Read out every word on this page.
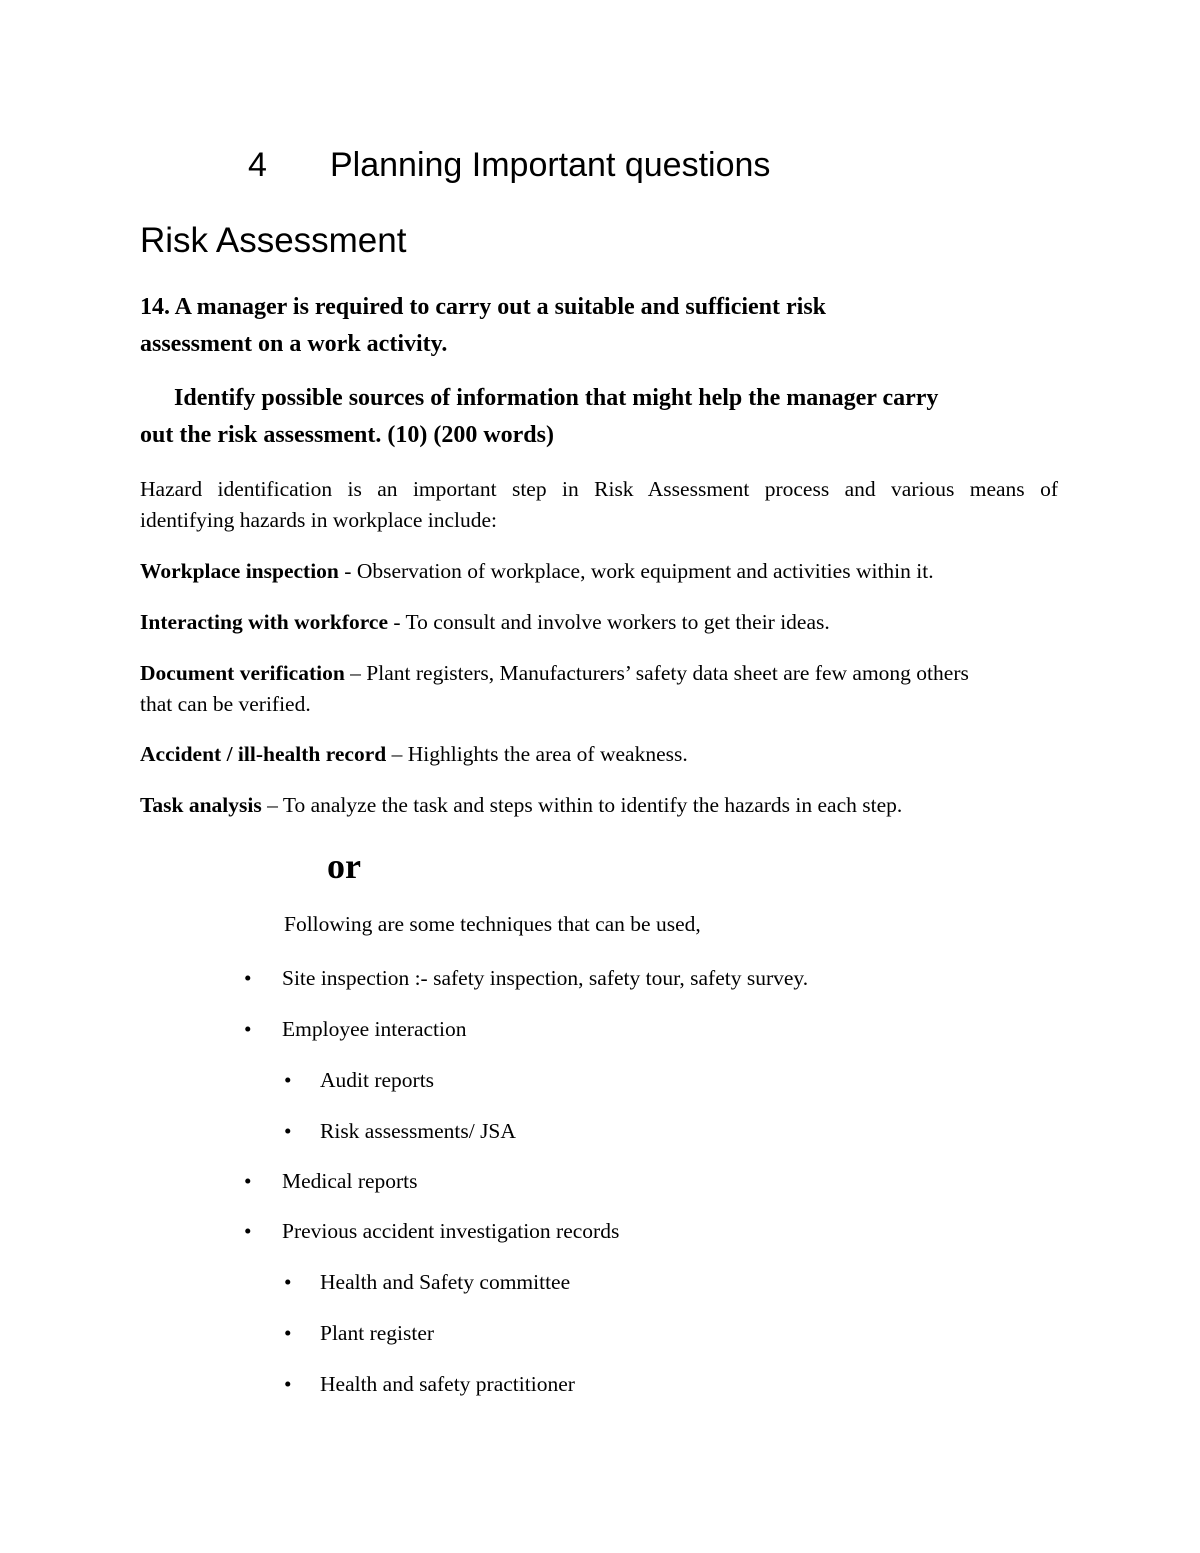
4 Planning Important questions
Risk Assessment
14. A manager is required to carry out a suitable and sufficient risk
assessment on a work activity.
Identify possible sources of information that might help the manager carry
out the risk assessment. (10) (200 words)
Hazard identification is an important step in Risk Assessment process and various means of
identifying hazards in workplace include:
Workplace inspection - Observation of workplace, work equipment and activities within it.
Interacting with workforce - To consult and involve workers to get their ideas.
Document verification – Plant registers, Manufacturers’ safety data sheet are few among others
that can be verified.
Accident / ill-health record – Highlights the area of weakness.
Task analysis – To analyze the task and steps within to identify the hazards in each step.
or
Following are some techniques that can be used,
• Site inspection :- safety inspection, safety tour, safety survey.
• Employee interaction
• Audit reports
• Risk assessments/ JSA
• Medical reports
• Previous accident investigation records
• Health and Safety committee
• Plant register
• Health and safety practitioner
